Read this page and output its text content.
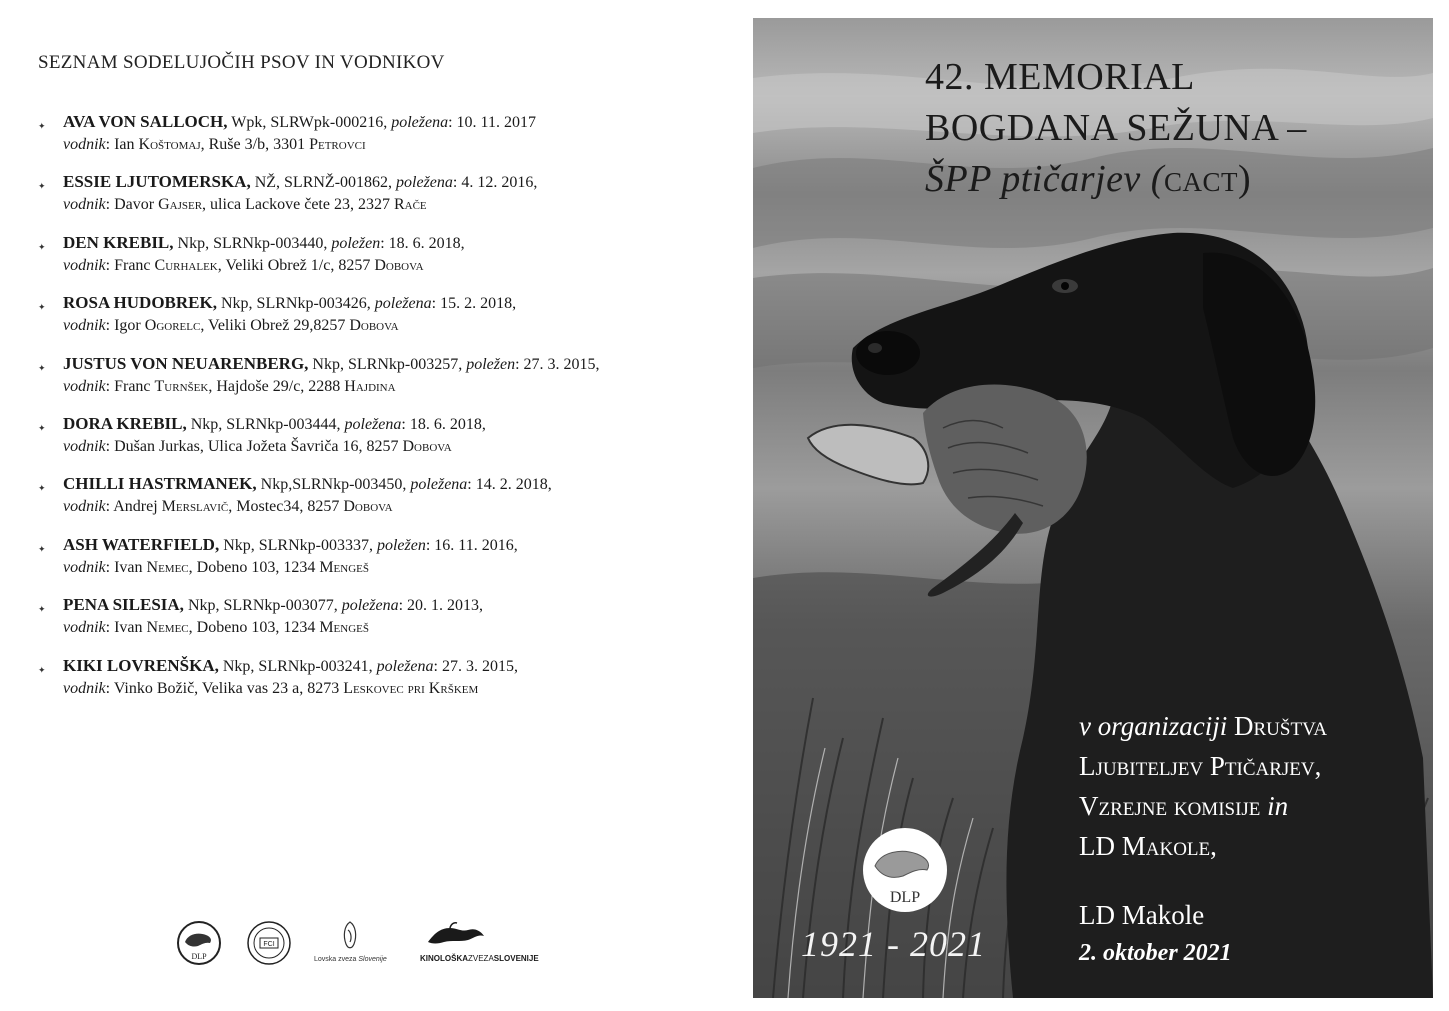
SEZNAM SODELUJOČIH PSOV IN VODNIKOV
✦ AVA VON SALLOCH, Wpk, SLRWpk-000216, poležena: 10. 11. 2017
vodnik: Ian Koštomaj, Ruše 3/b, 3301 Petrovci
✦ ESSIE LJUTOMERSKA, NŽ, SLRNŽ-001862, poležena: 4. 12. 2016,
vodnik: Davor Gajser, ulica Lackove čete 23, 2327 Rače
✦ DEN KREBIL, Nkp, SLRNkp-003440, poležen: 18. 6. 2018,
vodnik: Franc Curhalek, Veliki Obrež 1/c, 8257 Dobova
✦ ROSA HUDOBREK, Nkp, SLRNkp-003426, poležena: 15. 2. 2018,
vodnik: Igor Ogorelc, Veliki Obrež 29,8257 Dobova
✦ JUSTUS VON NEUARENBERG, Nkp, SLRNkp-003257, poležen: 27. 3. 2015,
vodnik: Franc Turnšek, Hajdoše 29/c, 2288 Hajdina
✦ DORA KREBIL, Nkp, SLRNkp-003444, poležena: 18. 6. 2018,
vodnik: Dušan Jurkas, Ulica Jožeta Šavriča 16, 8257 Dobova
✦ CHILLI HASTRMANEK, Nkp,SLRNkp-003450, poležena: 14. 2. 2018,
vodnik: Andrej Merslavič, Mostec34, 8257 Dobova
✦ ASH WATERFIELD, Nkp, SLRNkp-003337, poležen: 16. 11. 2016,
vodnik: Ivan Nemec, Dobeno 103, 1234 Mengeš
✦ PENA SILESIA, Nkp, SLRNkp-003077, poležena: 20. 1. 2013,
vodnik: Ivan Nemec, Dobeno 103, 1234 Mengeš
✦ KIKI LOVRENŠKA, Nkp, SLRNkp-003241, poležena: 27. 3. 2015,
vodnik: Vinko Božič, Velika vas 23 a, 8273 Leskovec pri Krškem
DLP
FCI
Lovska zveza Slovenije	KINOLOŠKAZVEZASLOVENIJE
42. MEMORIAL
BOGDANA SEŽUNA –
ŠPP ptičarjev (cact)
DLP
1921 - 2021
v organizaciji Društva
Ljubiteljev Ptičarjev,
Vzrejne komisije in
LD Makole,
LD Makole
2. oktober 2021
